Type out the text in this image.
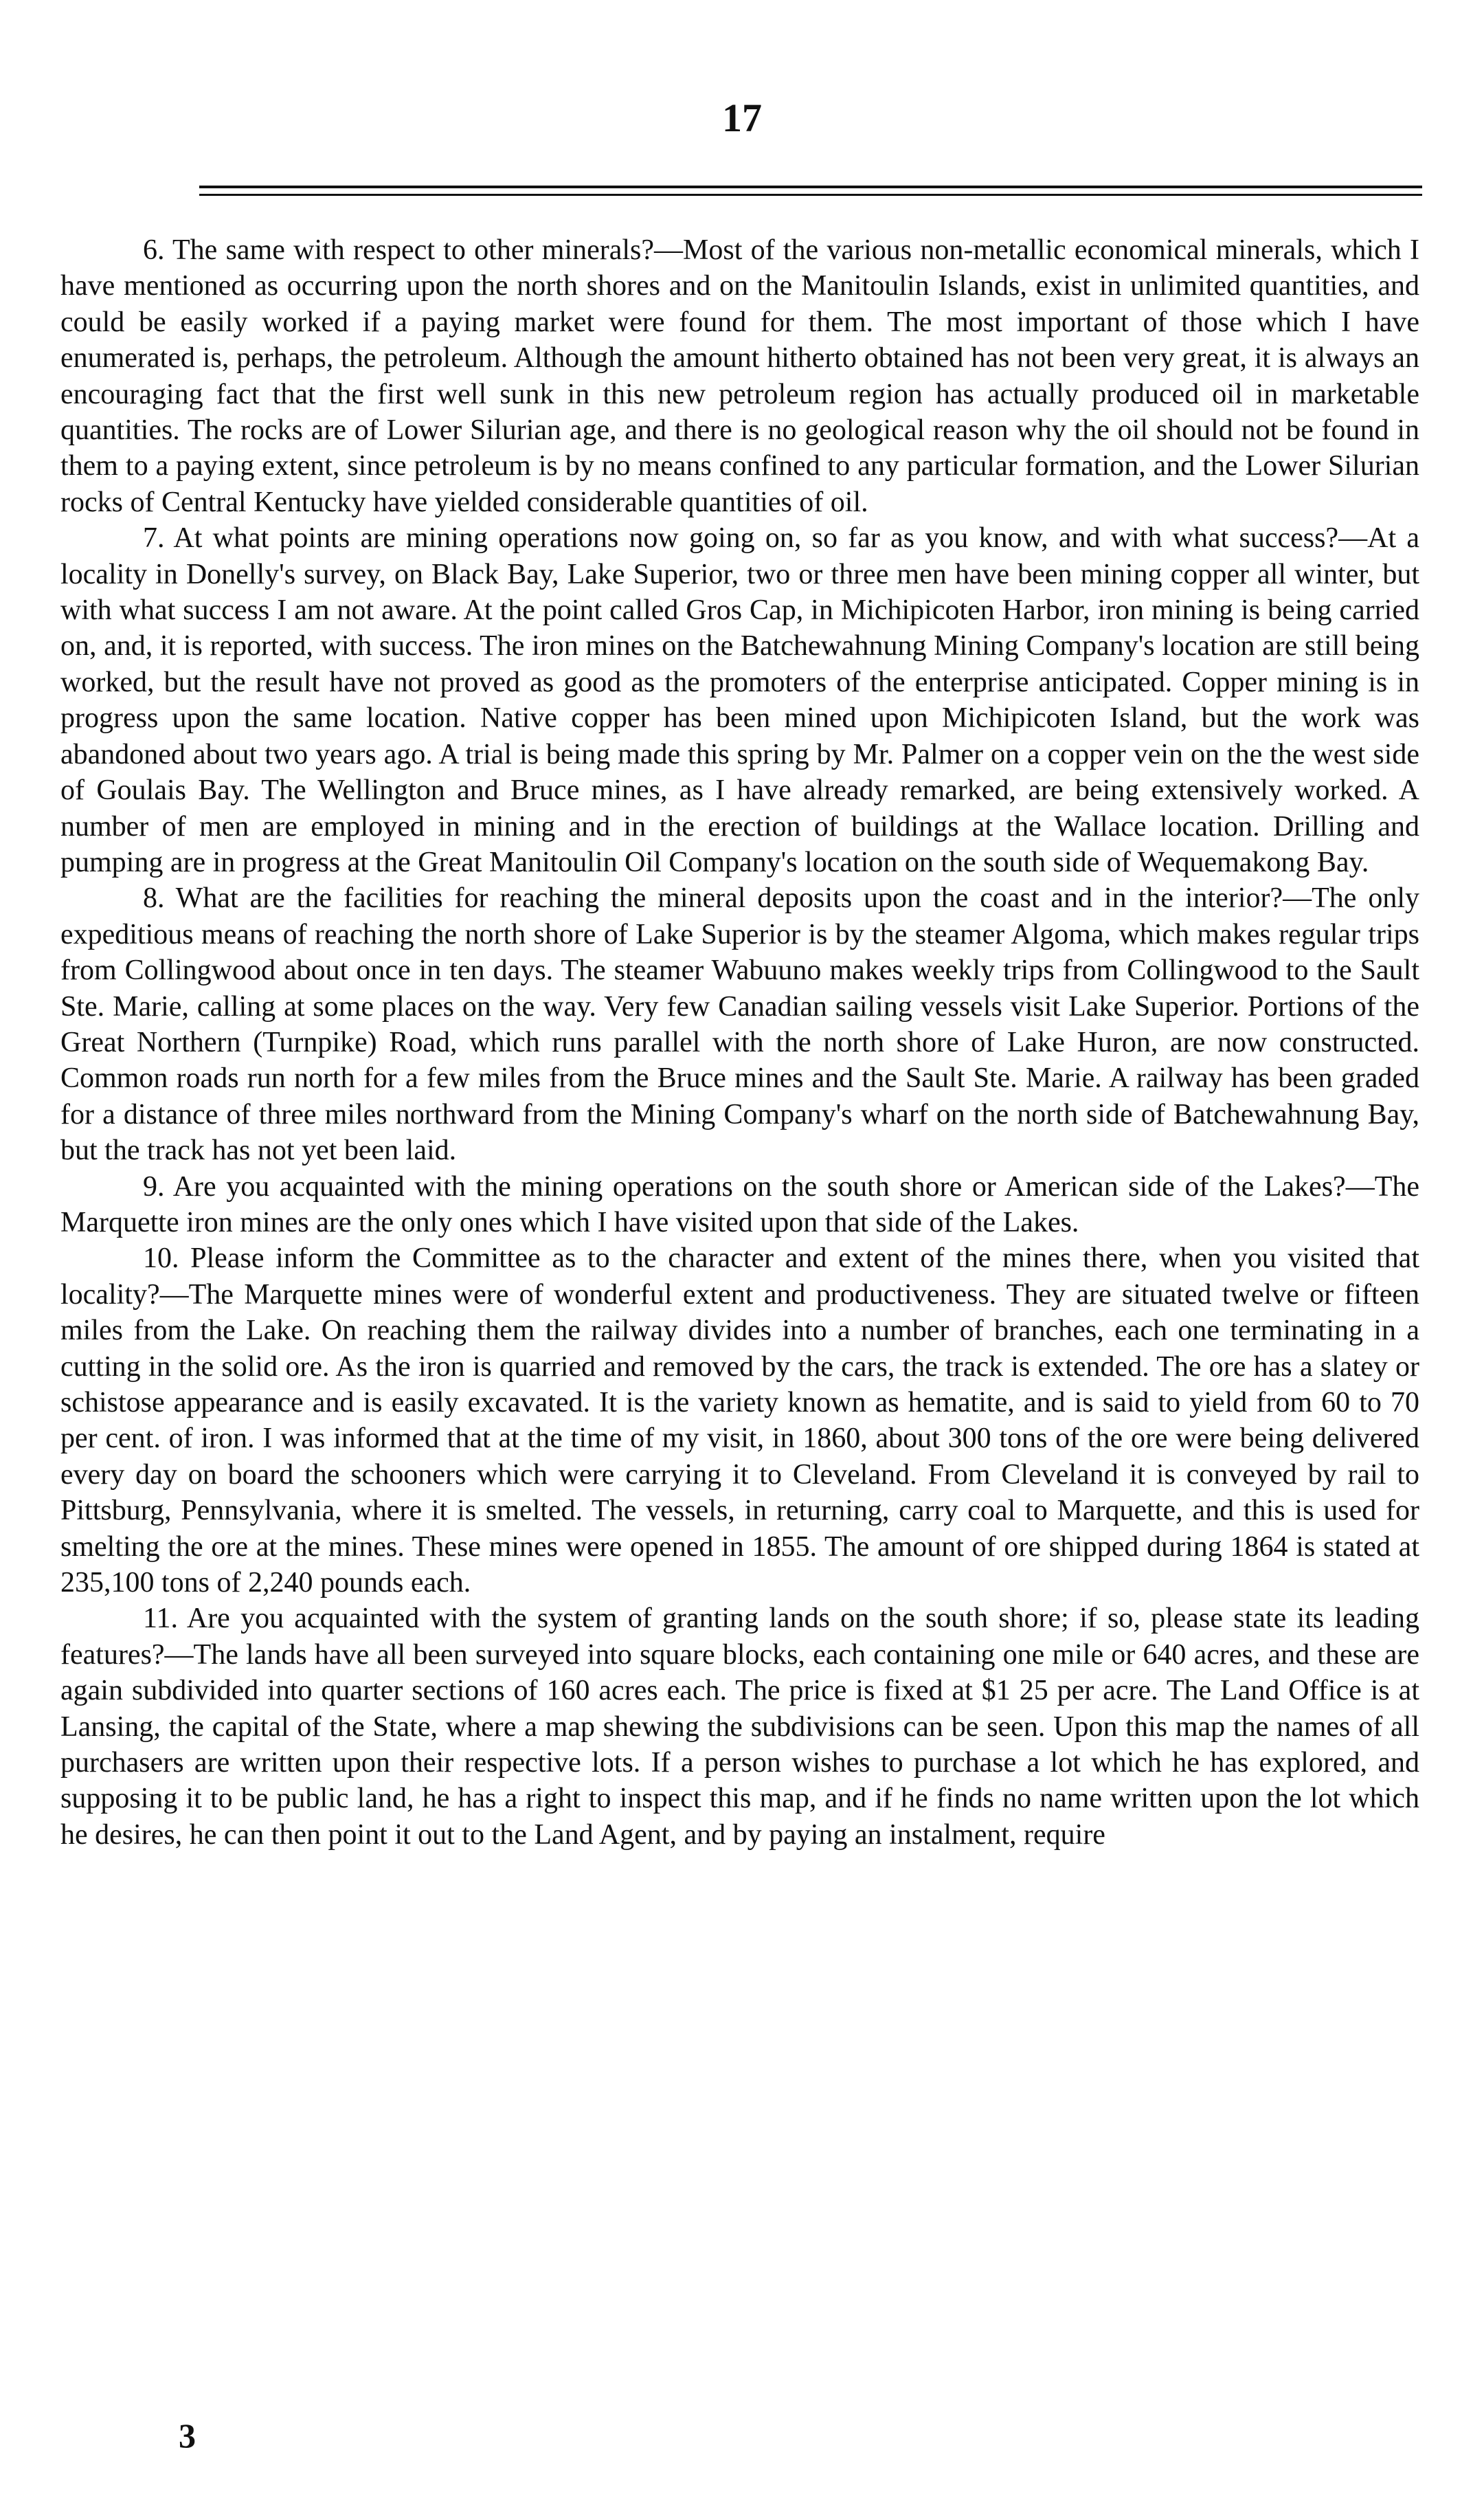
17

6. The same with respect to other minerals?—Most of the various non-metallic economical minerals, which I have mentioned as occurring upon the north shores and on the Manitoulin Islands, exist in unlimited quantities, and could be easily worked if a paying market were found for them. The most important of those which I have enumerated is, perhaps, the petroleum. Although the amount hitherto obtained has not been very great, it is always an encouraging fact that the first well sunk in this new petroleum region has actually produced oil in marketable quantities. The rocks are of Lower Silurian age, and there is no geological reason why the oil should not be found in them to a paying extent, since petroleum is by no means confined to any particular formation, and the Lower Silurian rocks of Central Kentucky have yielded considerable quantities of oil.

7. At what points are mining operations now going on, so far as you know, and with what success?—At a locality in Donelly's survey, on Black Bay, Lake Superior, two or three men have been mining copper all winter, but with what success I am not aware. At the point called Gros Cap, in Michipicoten Harbor, iron mining is being carried on, and, it is reported, with success. The iron mines on the Batchewahnung Mining Company's location are still being worked, but the result have not proved as good as the promoters of the enterprise anticipated. Copper mining is in progress upon the same location. Native copper has been mined upon Michipicoten Island, but the work was abandoned about two years ago. A trial is being made this spring by Mr. Palmer on a copper vein on the the west side of Goulais Bay. The Wellington and Bruce mines, as I have already remarked, are being extensively worked. A number of men are employed in mining and in the erection of buildings at the Wallace location. Drilling and pumping are in progress at the Great Manitoulin Oil Company's location on the south side of Wequemakong Bay.

8. What are the facilities for reaching the mineral deposits upon the coast and in the interior?—The only expeditious means of reaching the north shore of Lake Superior is by the steamer Algoma, which makes regular trips from Collingwood about once in ten days. The steamer Wabuuno makes weekly trips from Collingwood to the Sault Ste. Marie, calling at some places on the way. Very few Canadian sailing vessels visit Lake Superior. Portions of the Great Northern (Turnpike) Road, which runs parallel with the north shore of Lake Huron, are now constructed. Common roads run north for a few miles from the Bruce mines and the Sault Ste. Marie. A railway has been graded for a distance of three miles northward from the Mining Company's wharf on the north side of Batchewahnung Bay, but the track has not yet been laid.

9. Are you acquainted with the mining operations on the south shore or American side of the Lakes?—The Marquette iron mines are the only ones which I have visited upon that side of the Lakes.

10. Please inform the Committee as to the character and extent of the mines there, when you visited that locality?—The Marquette mines were of wonderful extent and productiveness. They are situated twelve or fifteen miles from the Lake. On reaching them the railway divides into a number of branches, each one terminating in a cutting in the solid ore. As the iron is quarried and removed by the cars, the track is extended. The ore has a slatey or schistose appearance and is easily excavated. It is the variety known as hematite, and is said to yield from 60 to 70 per cent. of iron. I was informed that at the time of my visit, in 1860, about 300 tons of the ore were being delivered every day on board the schooners which were carrying it to Cleveland. From Cleveland it is conveyed by rail to Pittsburg, Pennsylvania, where it is smelted. The vessels, in returning, carry coal to Marquette, and this is used for smelting the ore at the mines. These mines were opened in 1855. The amount of ore shipped during 1864 is stated at 235,100 tons of 2,240 pounds each.

11. Are you acquainted with the system of granting lands on the south shore; if so, please state its leading features?—The lands have all been surveyed into square blocks, each containing one mile or 640 acres, and these are again subdivided into quarter sections of 160 acres each. The price is fixed at $1 25 per acre. The Land Office is at Lansing, the capital of the State, where a map shewing the subdivisions can be seen. Upon this map the names of all purchasers are written upon their respective lots. If a person wishes to purchase a lot which he has explored, and supposing it to be public land, he has a right to inspect this map, and if he finds no name written upon the lot which he desires, he can then point it out to the Land Agent, and by paying an instalment, require

3
